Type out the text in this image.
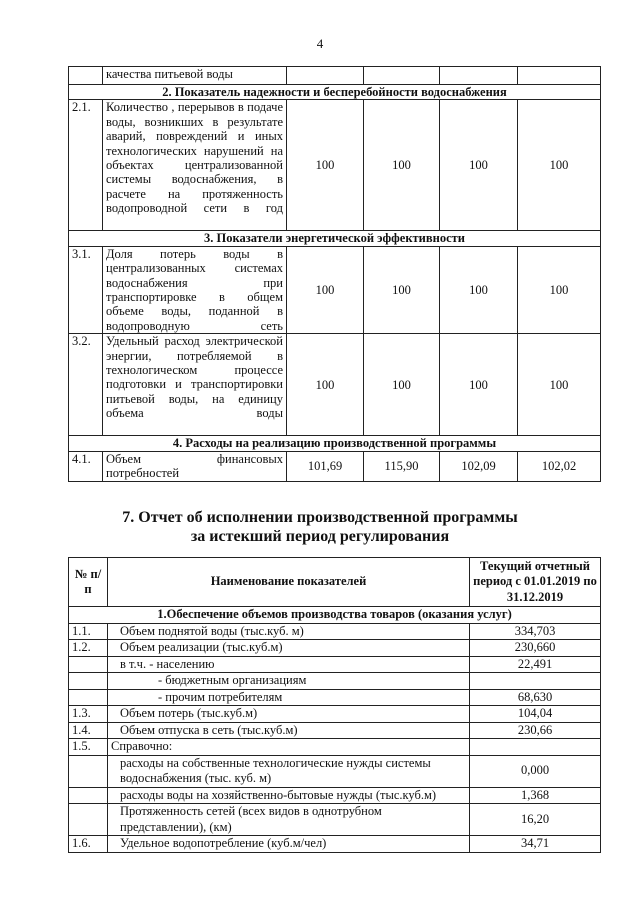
4
	качества питьевой воды				
2. Показатель надежности и бесперебойности водоснабжения					
2.1.	Количество , перерывов в подаче воды, возникших в результате аварий, повреждений и иных технологических нарушений на объектах централизованной системы водоснабжения, в расчете на протяженность водопроводной сети в год	100	100	100	100
3. Показатели энергетической эффективности					
3.1.	Доля потерь воды в централизованных системах водоснабжения при транспортировке в общем объеме воды, поданной в водопроводную сеть	100	100	100	100
3.2.	Удельный расход электрической энергии, потребляемой в технологическом процессе подготовки и транспортировки питьевой воды, на единицу объема воды	100	100	100	100
4. Расходы на реализацию производственной программы					
4.1.	Объем финансовых потребностей	101,69	115,90	102,09	102,02
7. Отчет об исполнении производственной программы
за истекший период регулирования
№ п/п	Наименование показателей	Текущий отчетный период с 01.01.2019 по 31.12.2019
1.Обеспечение объемов производства товаров (оказания услуг)		
1.1.	Объем поднятой воды (тыс.куб. м)	334,703
1.2.	Объем реализации (тыс.куб.м)	230,660
	в т.ч. - населению	22,491
	- бюджетным организациям	
	- прочим потребителям	68,630
1.3.	Объем потерь (тыс.куб.м)	104,04
1.4.	Объем отпуска в сеть (тыс.куб.м)	230,66
1.5.	Справочно:	
	расходы на собственные технологические нужды системы водоснабжения (тыс. куб. м)	0,000
	расходы воды на хозяйственно-бытовые нужды (тыс.куб.м)	1,368
	Протяженность сетей (всех видов в однотрубном представлении), (км)	16,20
1.6.	Удельное водопотребление (куб.м/чел)	34,71
